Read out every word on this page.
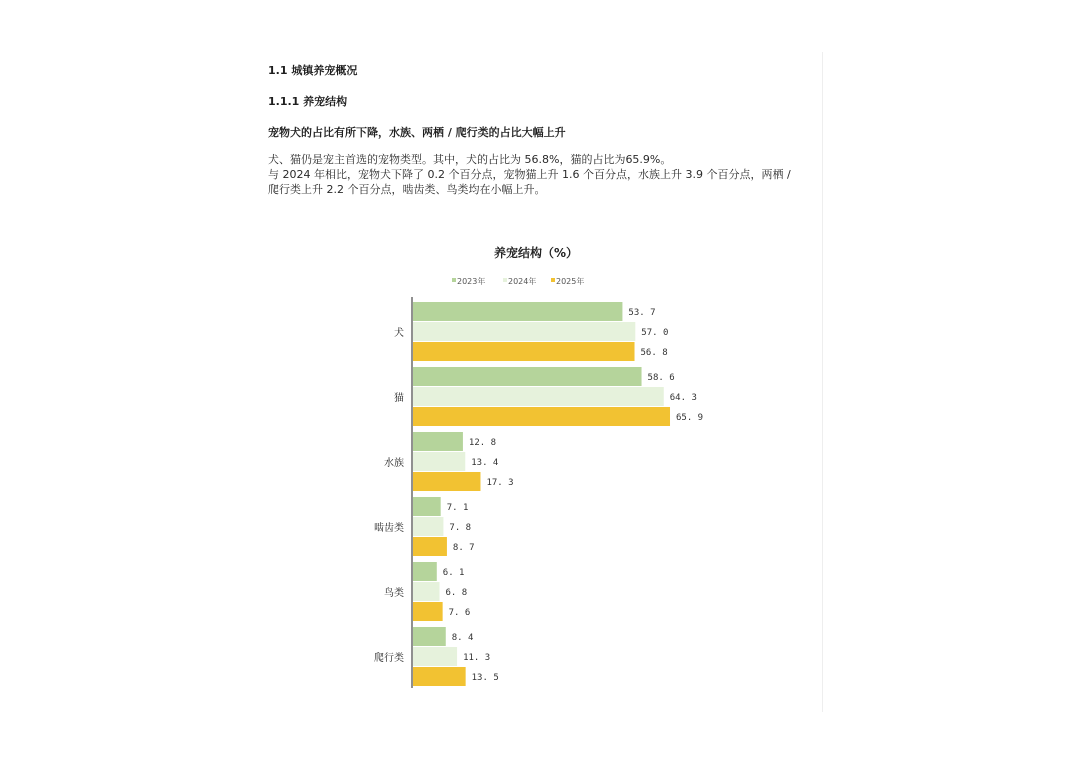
1.1 城镇养宠概况
1.1.1 养宠结构
宠物犬的占比有所下降，水族、两栖 / 爬行类的占比大幅上升
犬、猫仍是宠主首选的宠物类型。其中，犬的占比为 56.8%，猫的占比为65.9%。
与 2024 年相比，宠物犬下降了 0.2 个百分点，宠物猫上升 1.6 个百分点，水族上升 3.9 个百分点，两栖 /
爬行类上升 2.2 个百分点，啮齿类、鸟类均在小幅上升。
养宠结构（%）
2023年	2024年 2025年
犬
53. 7
57. 0
56. 8
猫
58. 6
64. 3
65. 9
水族
12. 8
13. 4
17. 3
啮齿类
7. 1
7. 8
8. 7
鸟类
6. 1
6. 8
7. 6
爬行类
8. 4
11. 3
13. 5
